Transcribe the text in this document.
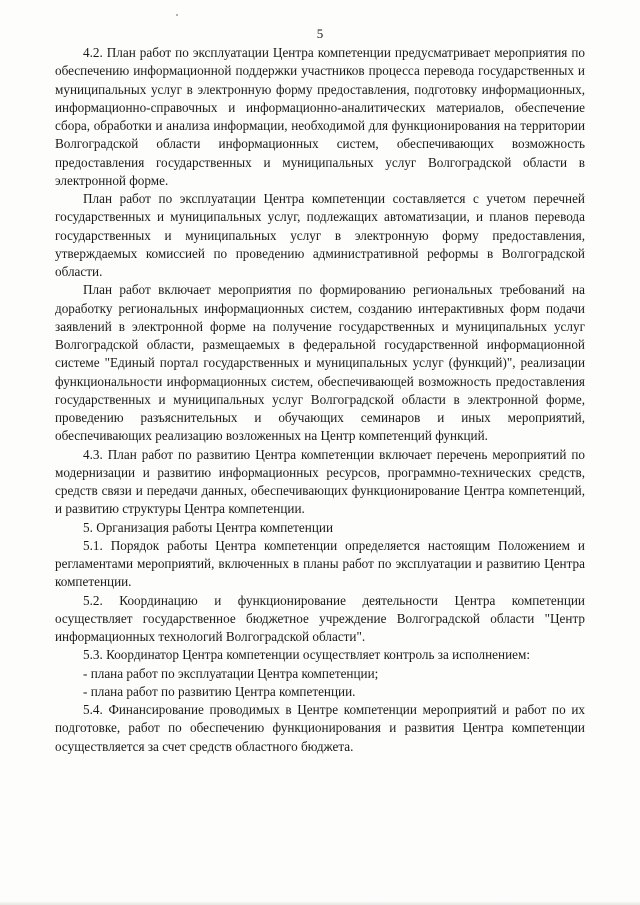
5

4.2. План работ по эксплуатации Центра компетенции предусматривает мероприятия по обеспечению информационной поддержки участников процесса перевода государственных и муниципальных услуг в электронную форму предоставления, подготовку информационных, информационно-справочных и информационно-аналитических материалов, обеспечение сбора, обработки и анализа информации, необходимой для функционирования на территории Волгоградской области информационных систем, обеспечивающих возможность предоставления государственных и муниципальных услуг Волгоградской области в электронной форме.

План работ по эксплуатации Центра компетенции составляется с учетом перечней государственных и муниципальных услуг, подлежащих автоматизации, и планов перевода государственных и муниципальных услуг в электронную форму предоставления, утверждаемых комиссией по проведению административной реформы в Волгоградской области.

План работ включает мероприятия по формированию региональных требований на доработку региональных информационных систем, созданию интерактивных форм подачи заявлений в электронной форме на получение государственных и муниципальных услуг Волгоградской области, размещаемых в федеральной государственной информационной системе "Единый портал государственных и муниципальных услуг (функций)", реализации функциональности информационных систем, обеспечивающей возможность предоставления государственных и муниципальных услуг Волгоградской области в электронной форме, проведению разъяснительных и обучающих семинаров и иных мероприятий, обеспечивающих реализацию возложенных на Центр компетенций функций.

4.3. План работ по развитию Центра компетенции включает перечень мероприятий по модернизации и развитию информационных ресурсов, программно-технических средств, средств связи и передачи данных, обеспечивающих функционирование Центра компетенций, и развитию структуры Центра компетенции.

5. Организация работы Центра компетенции

5.1. Порядок работы Центра компетенции определяется настоящим Положением и регламентами мероприятий, включенных в планы работ по эксплуатации и развитию Центра компетенции.

5.2. Координацию и функционирование деятельности Центра компетенции осуществляет государственное бюджетное учреждение Волгоградской области "Центр информационных технологий Волгоградской области".

5.3. Координатор Центра компетенции осуществляет контроль за исполнением:

- плана работ по эксплуатации Центра компетенции;

- плана работ по развитию Центра компетенции.

5.4. Финансирование проводимых в Центре компетенции мероприятий и работ по их подготовке, работ по обеспечению функционирования и развития Центра компетенции осуществляется за счет средств областного бюджета.
